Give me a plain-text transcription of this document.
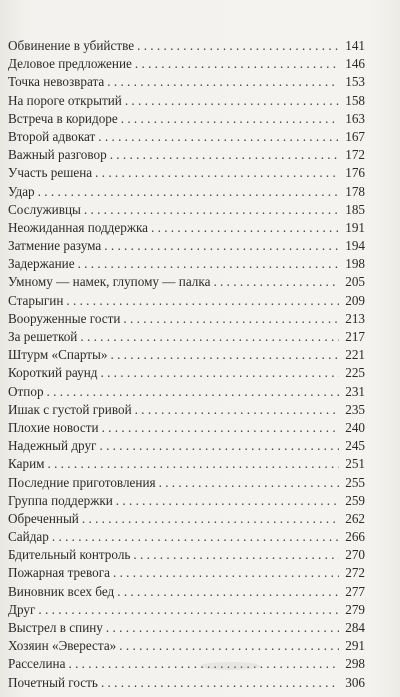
Обвинение в убийстве . . .	141
Деловое предложение . . .	146
Точка невозврата . . .	153
На пороге открытий . . .	158
Встреча в коридоре . . .	163
Второй адвокат . . .	167
Важный разговор . . .	172
Участь решена . . .	176
Удар . . .	178
Сослуживцы . . .	185
Неожиданная поддержка . . .	191
Затмение разума . . .	194
Задержание . . .	198
Умному — намек, глупому — палка . . .	205
Старыгин . . .	209
Вооруженные гости . . .	213
За решеткой . . .	217
Штурм «Спарты» . . .	221
Короткий раунд . . .	225
Отпор . . .	231
Ишак с густой гривой . . .	235
Плохие новости . . .	240
Надежный друг . . .	245
Карим . . .	251
Последние приготовления . . .	255
Группа поддержки . . .	259
Обреченный . . .	262
Сайдар . . .	266
Бдительный контроль . . .	270
Пожарная тревога . . .	272
Виновник всех бед . . .	277
Друг . . .	279
Выстрел в спину . . .	284
Хозяин «Эвереста» . . .	291
Расселина . . .	298
Почетный гость . . .	306
